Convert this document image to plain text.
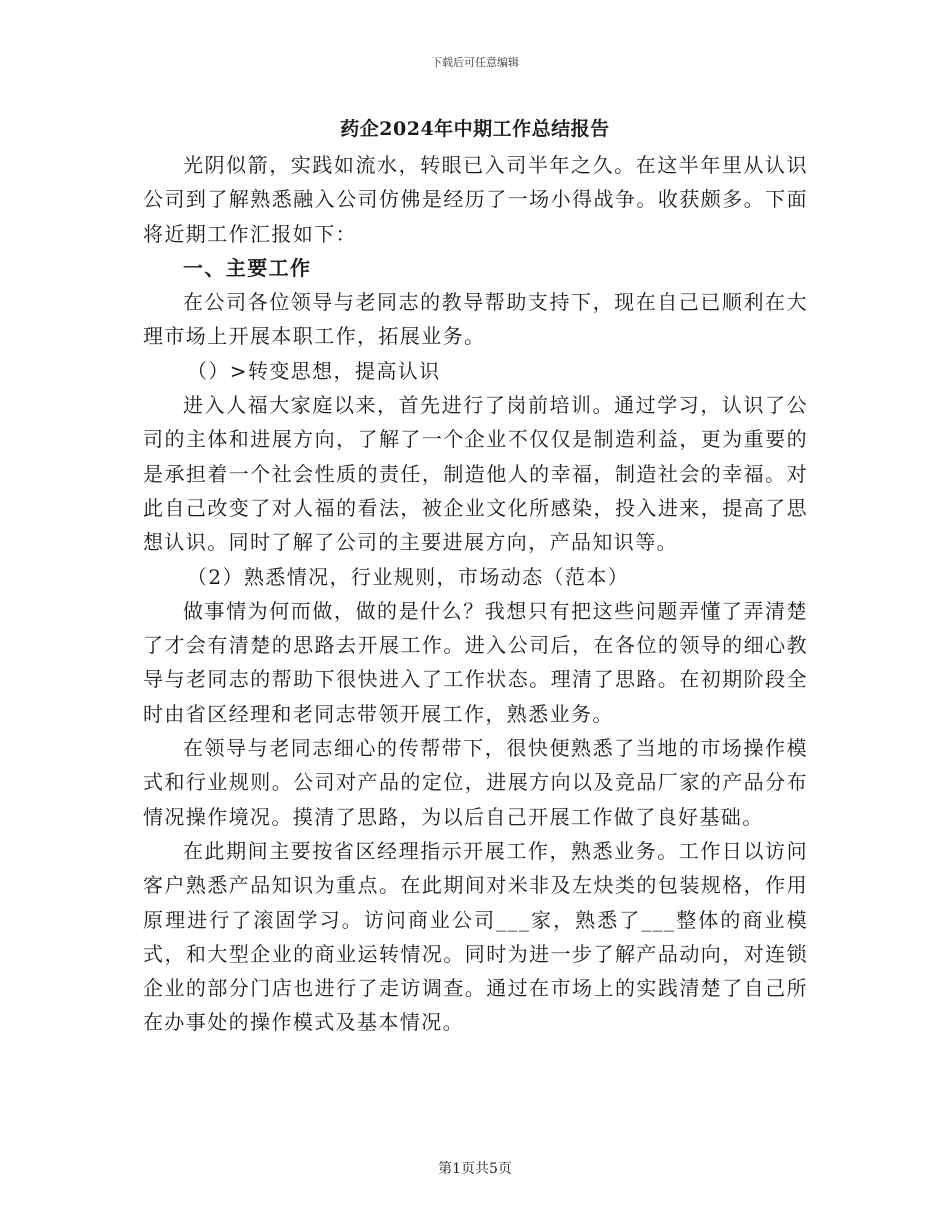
下载后可任意编辑
药企2024年中期工作总结报告

光阴似箭，实践如流水，转眼已入司半年之久。在这半年里从认识公司到了解熟悉融入公司仿佛是经历了一场小得战争。收获颇多。下面将近期工作汇报如下：

一、主要工作

在公司各位领导与老同志的教导帮助支持下，现在自己已顺利在大理市场上开展本职工作，拓展业务。

（）>转变思想，提高认识

进入人福大家庭以来，首先进行了岗前培训。通过学习，认识了公司的主体和进展方向，了解了一个企业不仅仅是制造利益，更为重要的是承担着一个社会性质的责任，制造他人的幸福，制造社会的幸福。对此自己改变了对人福的看法，被企业文化所感染，投入进来，提高了思想认识。同时了解了公司的主要进展方向，产品知识等。

（2）熟悉情况，行业规则，市场动态（范本）

做事情为何而做，做的是什么？我想只有把这些问题弄懂了弄清楚了才会有清楚的思路去开展工作。进入公司后，在各位的领导的细心教导与老同志的帮助下很快进入了工作状态。理清了思路。在初期阶段全时由省区经理和老同志带领开展工作，熟悉业务。

在领导与老同志细心的传帮带下，很快便熟悉了当地的市场操作模式和行业规则。公司对产品的定位，进展方向以及竞品厂家的产品分布情况操作境况。摸清了思路，为以后自己开展工作做了良好基础。

在此期间主要按省区经理指示开展工作，熟悉业务。工作日以访问客户熟悉产品知识为重点。在此期间对米非及左炔类的包装规格，作用原理进行了滚固学习。访问商业公司___家，熟悉了___整体的商业模式，和大型企业的商业运转情况。同时为进一步了解产品动向，对连锁企业的部分门店也进行了走访调查。通过在市场上的实践清楚了自己所在办事处的操作模式及基本情况。

第1页共5页
